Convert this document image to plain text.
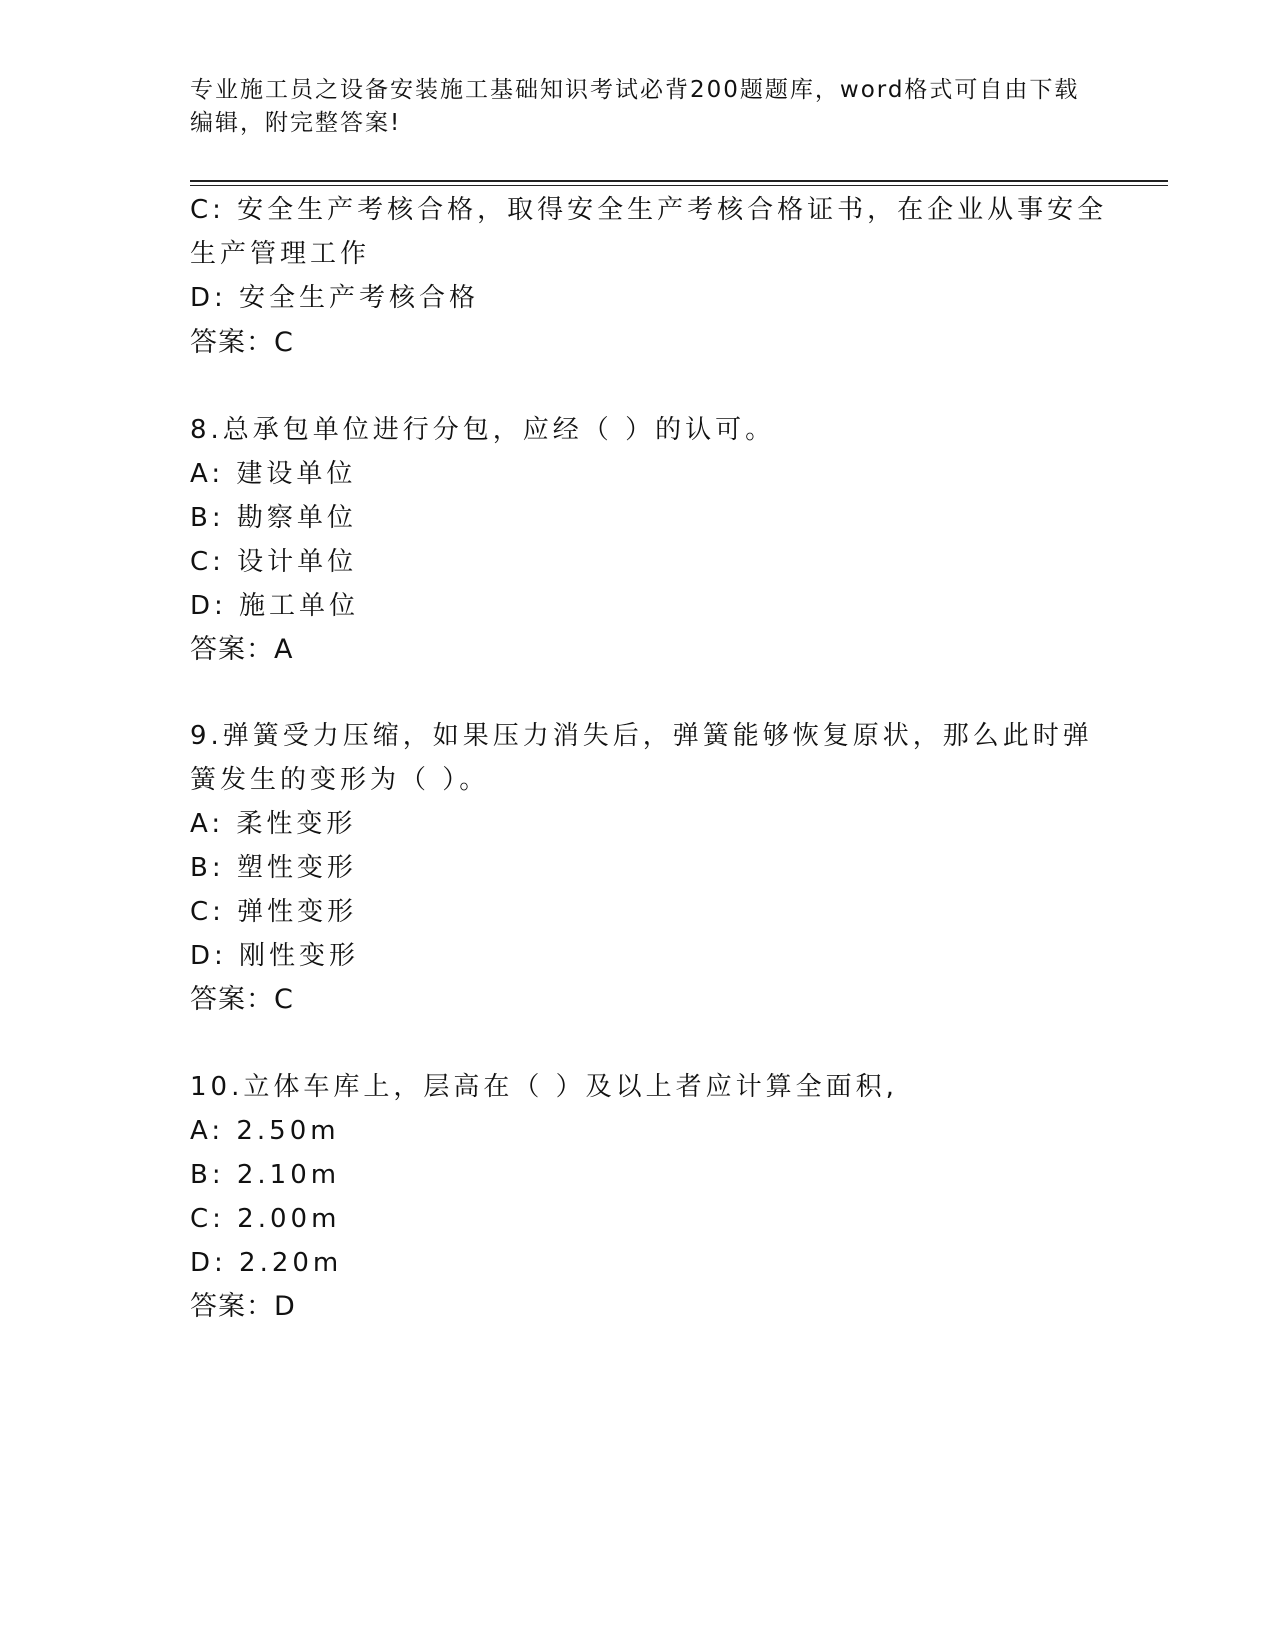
专业施工员之设备安装施工基础知识考试必背200题题库，word格式可自由下载
编辑，附完整答案!
C: 安全生产考核合格，取得安全生产考核合格证书，在企业从事安全
生产管理工作
D: 安全生产考核合格
答案：C
8.总承包单位进行分包，应经（ ）的认可。
A: 建设单位
B: 勘察单位
C: 设计单位
D: 施工单位
答案：A
9.弹簧受力压缩，如果压力消失后，弹簧能够恢复原状，那么此时弹
簧发生的变形为（ ）。
A: 柔性变形
B: 塑性变形
C: 弹性变形
D: 刚性变形
答案：C
10.立体车库上，层高在（ ）及以上者应计算全面积,
A: 2.50m
B: 2.10m
C: 2.00m
D: 2.20m
答案：D
